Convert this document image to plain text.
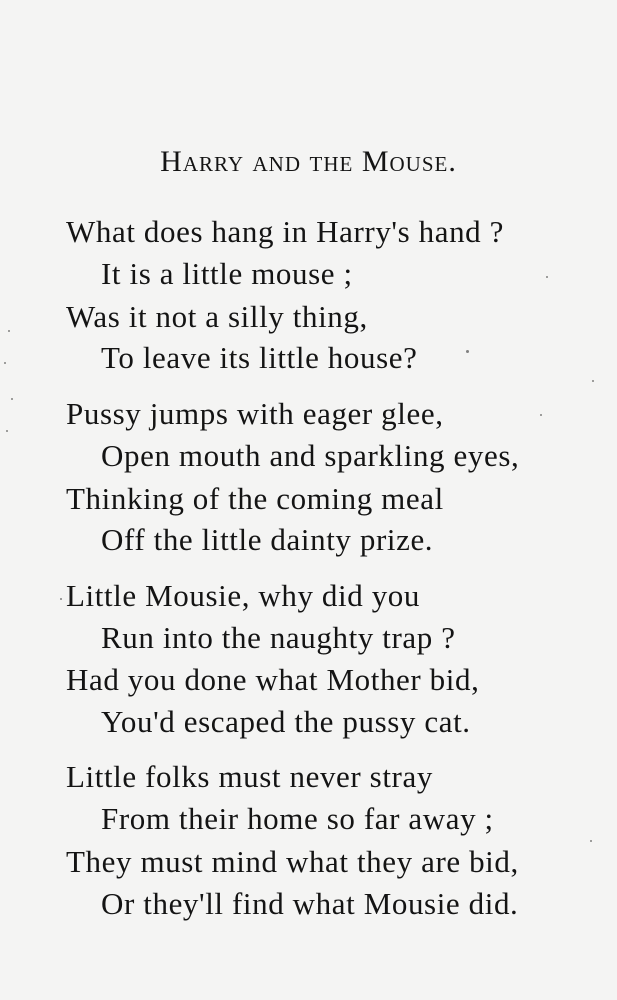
Harry and the Mouse.
What does hang in Harry's hand ?
It is a little mouse ;
Was it not a silly thing,
To leave its little house?
Pussy jumps with eager glee,
Open mouth and sparkling eyes,
Thinking of the coming meal
Off the little dainty prize.
Little Mousie, why did you
Run into the naughty trap ?
Had you done what Mother bid,
You'd escaped the pussy cat.
Little folks must never stray
From their home so far away ;
They must mind what they are bid,
Or they'll find what Mousie did.
